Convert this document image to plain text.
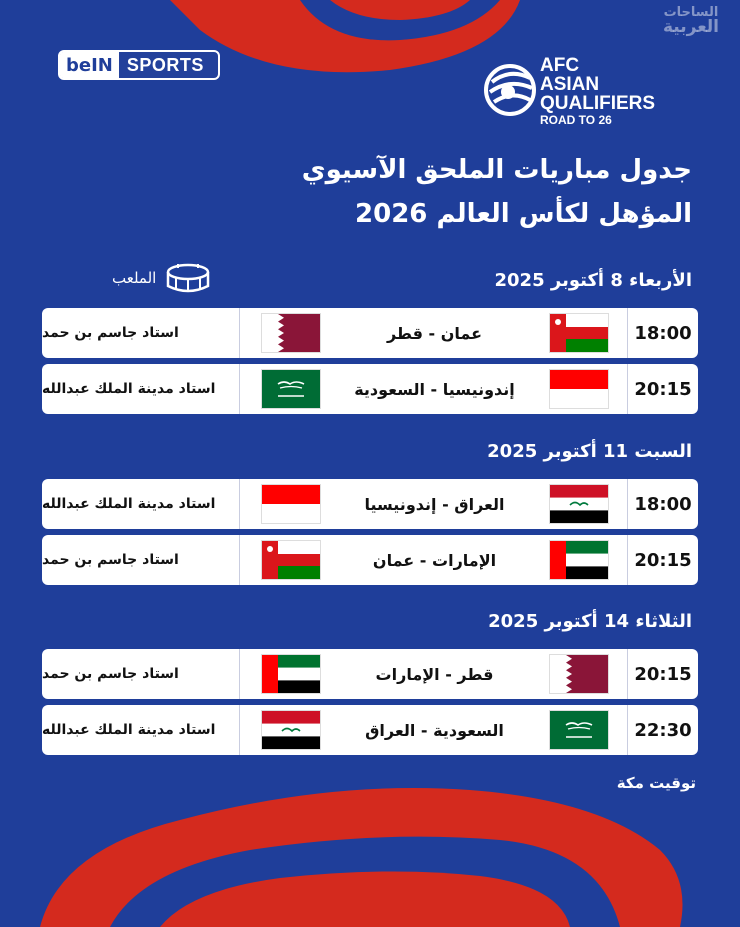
الساحات
العربية
beIN SPORTS	AFC
ASIAN
QUALIFIERS
ROAD TO 26
جدول مباريات الملحق الآسيوي
المؤهل لكأس العالم 2026
الملعب	الأربعاء 8 أكتوبر 2025
استاد جاسم بن حمد	عمان - قطر	18:00
استاد مدينة الملك عبدالله	إندونيسيا - السعودية	20:15
السبت 11 أكتوبر 2025
استاد مدينة الملك عبدالله	العراق - إندونيسيا	18:00
استاد جاسم بن حمد	الإمارات - عمان	20:15
الثلاثاء 14 أكتوبر 2025
استاد جاسم بن حمد	قطر - الإمارات	20:15
استاد مدينة الملك عبدالله	السعودية - العراق	22:30
توقيت مكة
